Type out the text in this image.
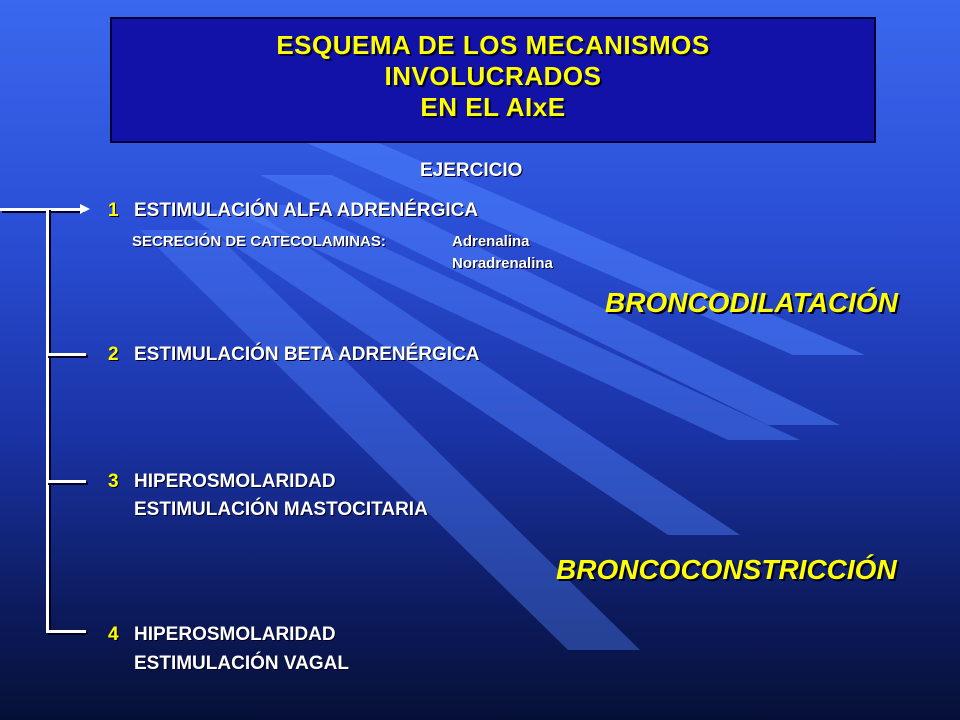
ESQUEMA DE LOS MECANISMOS
INVOLUCRADOS
EN EL AIxE
EJERCICIO
1 ESTIMULACIÓN ALFA ADRENÉRGICA
SECRECIÓN DE CATECOLAMINAS:	Adrenalina
Noradrenalina
BRONCODILATACIÓN
2 ESTIMULACIÓN BETA ADRENÉRGICA
3 HIPEROSMOLARIDAD
ESTIMULACIÓN MASTOCITARIA
BRONCOCONSTRICCIÓN
4 HIPEROSMOLARIDAD
ESTIMULACIÓN VAGAL
